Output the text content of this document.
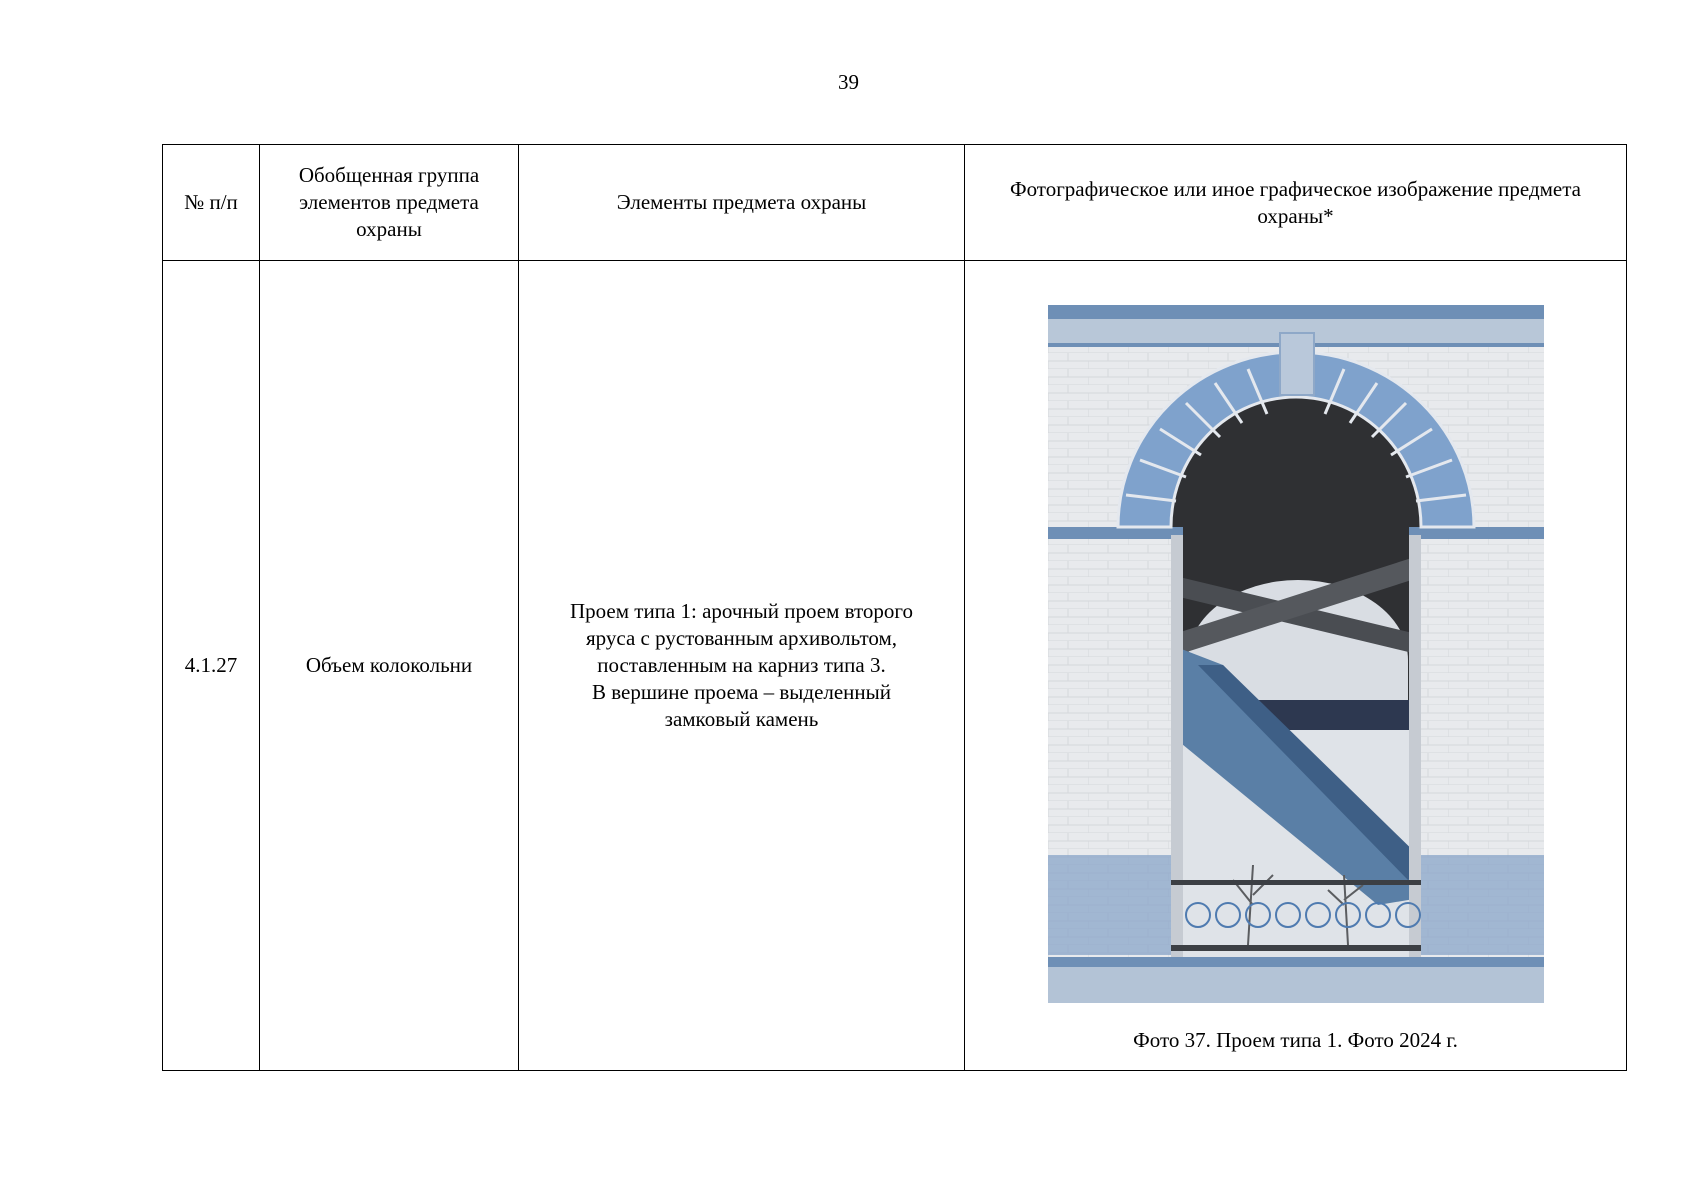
39
№ п/п	Обобщенная группа элементов предмета охраны	Элементы предмета охраны	Фотографическое или иное графическое изображение предмета охраны*
4.1.27	Объем колокольни	Проем типа 1: арочный проем второго
яруса с рустованным архивольтом,
поставленным на карниз типа 3.
В вершине проема – выделенный
замковый камень	Фото 37. Проем типа 1. Фото 2024 г.
